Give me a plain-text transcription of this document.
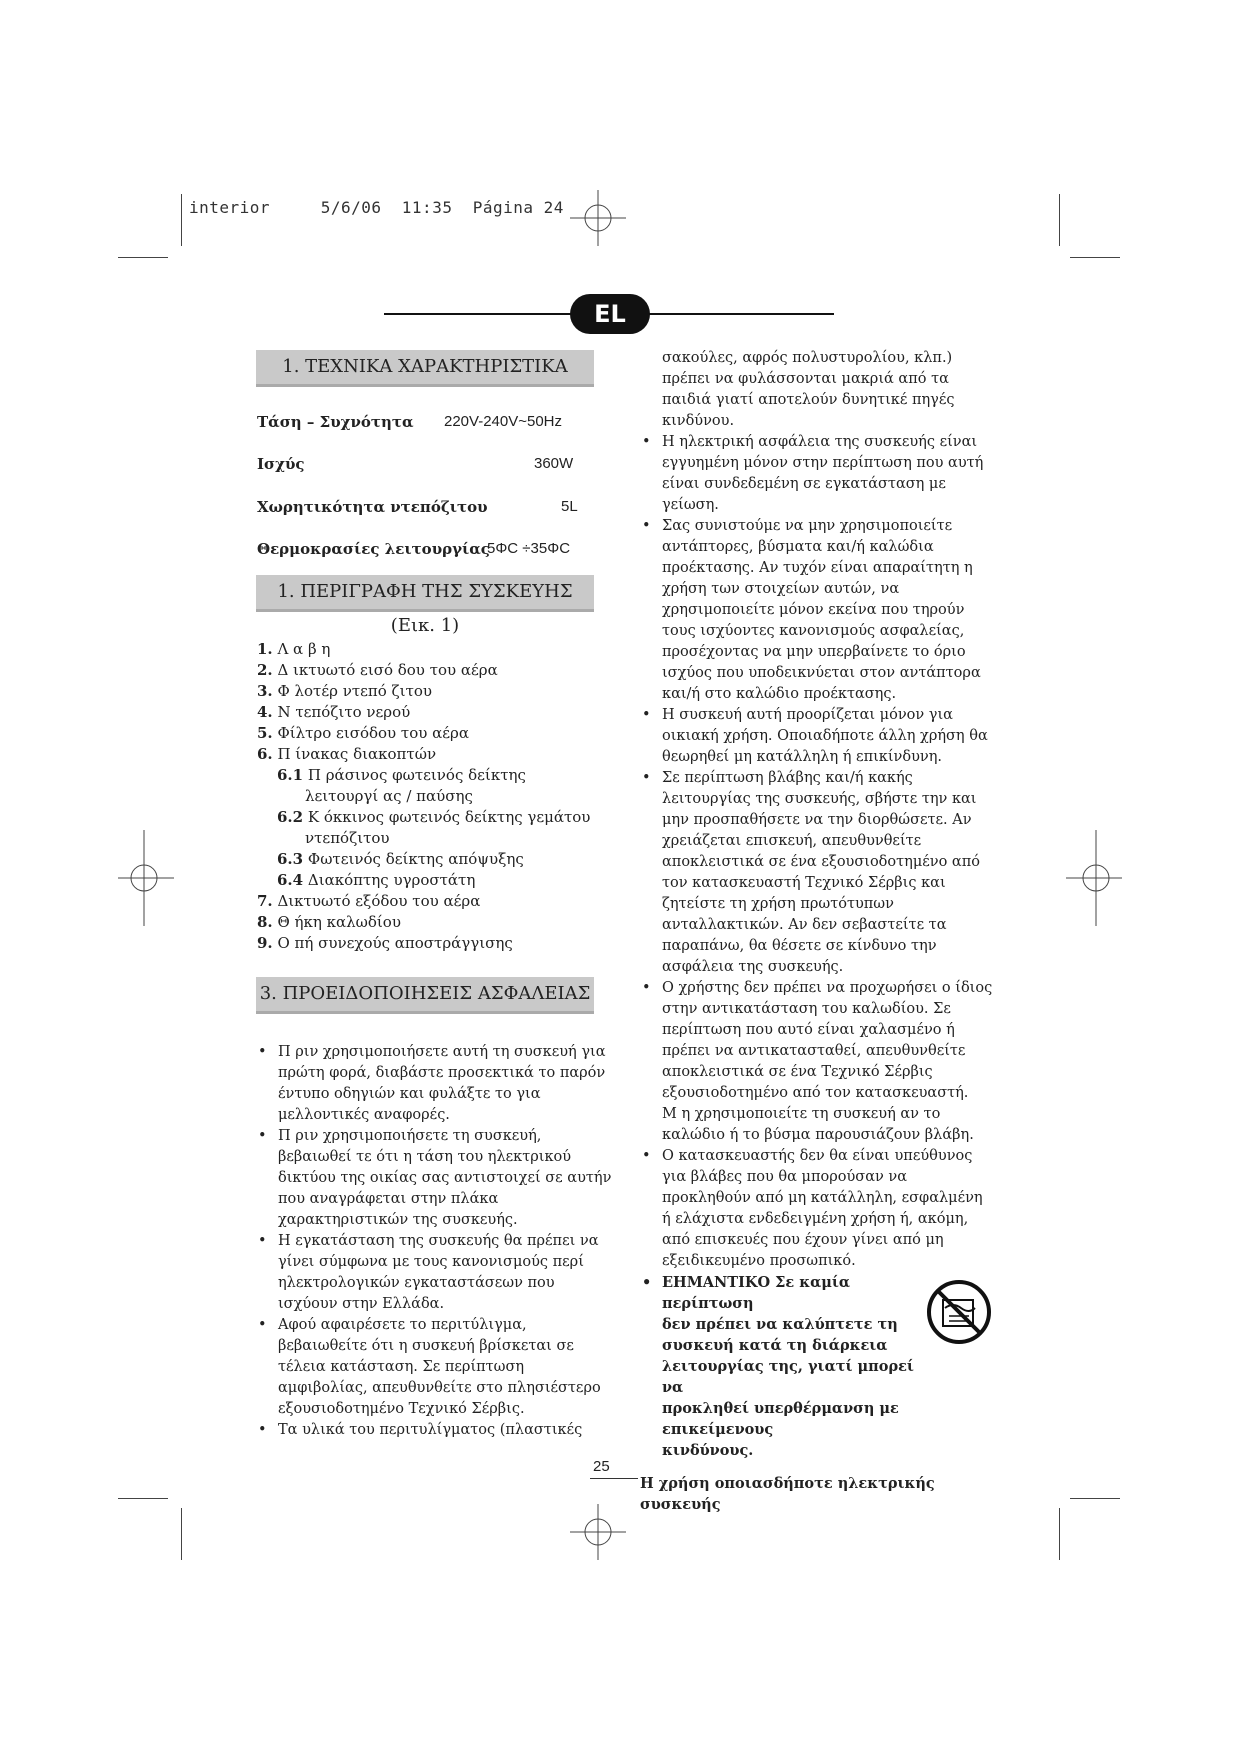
interior     5/6/06  11:35  Página 24
EL
1. ΤΕΧΝΙΚΑ ΧΑΡΑΚΤΗΡΙΣΤΙΚΑ
Τάση – Συχνότητα 220V-240V~50Hz
Ισχύς	360W
Χωρητικότητα ντεπόζιτου	5L
Θερμοκρασίες λειτουργίας
5ΦC ÷35ΦC
1. ΠΕΡΙΓΡΑΦΗ ΤΗΣ ΣΥΣΚΕΥΗΣ (Εικ. 1)
1. Λ α β η
2. Δ ικτυωτό εισό δου του αέρα
3. Φ λοτέρ ντεπό ζιτου
4. Ν τεπόζιτο νερού
5. Φίλτρο εισόδου του αέρα
6. Π ίνακας διακοπτών
6.1 Π ράσινος φωτεινός δείκτης
λειτουργί ας / παύσης
6.2 Κ όκκινος φωτεινός δείκτης γεμάτου
ντεπόζιτου
6.3 Φωτεινός δείκτης απόψυξης
6.4 Διακόπτης υγροστάτη
7. Δικτυωτό εξόδου του αέρα
8. Θ ήκη καλωδίου
9. Ο πή συνεχούς αποστράγγισης
3. ΠΡΟΕΙΔΟΠΟΙΗΣΕΙΣ ΑΣΦΑΛΕΙΑΣ
• Π ριν χρησιμοποιήσετε αυτή τη συσκευή για
πρώτη φορά, διαβάστε προσεκτικά το παρόν
έντυπο οδηγιών και φυλάξτε το για
μελλοντικές αναφορές.
• Π ριν χρησιμοποιήσετε τη συσκευή,
βεβαιωθεί τε ότι η τάση του ηλεκτρικού
δικτύου της οικίας σας αντιστοιχεί σε αυτήν
που αναγράφεται στην πλάκα
χαρακτηριστικών της συσκευής.
• Η εγκατάσταση της συσκευής θα πρέπει να
γίνει σύμφωνα με τους κανονισμούς περί
ηλεκτρολογικών εγκαταστάσεων που
ισχύουν στην Ελλάδα.
• Αφού αφαιρέσετε το περιτύλιγμα,
βεβαιωθείτε ότι η συσκευή βρίσκεται σε
τέλεια κατάσταση. Σε περίπτωση
αμφιβολίας, απευθυνθείτε στο πλησιέστερο
εξουσιοδοτημένο Τεχνικό Σέρβις.
• Τα υλικά του περιτυλίγματος (πλαστικές
σακούλες, αφρός πολυστυρολίου, κλπ.)
πρέπει να φυλάσσονται μακριά από τα
παιδιά γιατί αποτελούν δυνητικέ πηγές
κινδύνου.
• Η ηλεκτρική ασφάλεια της συσκευής είναι
εγγυημένη μόνον στην περίπτωση που αυτή
είναι συνδεδεμένη σε εγκατάσταση με
γείωση.
• Σας συνιστούμε να μην χρησιμοποιείτε
αντάπτορες, βύσματα και/ή καλώδια
προέκτασης. Αν τυχόν είναι απαραίτητη η
χρήση των στοιχείων αυτών, να
χρησιμοποιείτε μόνον εκείνα που τηρούν
τους ισχύοντες κανονισμούς ασφαλείας,
προσέχοντας να μην υπερβαίνετε το όριο
ισχύος που υποδεικνύεται στον αντάπτορα
και/ή στο καλώδιο προέκτασης.
• Η συσκευή αυτή προορίζεται μόνον για
οικιακή χρήση. Οποιαδήποτε άλλη χρήση θα
θεωρηθεί μη κατάλληλη ή επικίνδυνη.
• Σε περίπτωση βλάβης και/ή κακής
λειτουργίας της συσκευής, σβήστε την και
μην προσπαθήσετε να την διορθώσετε. Αν
χρειάζεται επισκευή, απευθυνθείτε
αποκλειστικά σε ένα εξουσιοδοτημένο από
τον κατασκευαστή Τεχνικό Σέρβις και
ζητείστε τη χρήση πρωτότυπων
ανταλλακτικών. Αν δεν σεβαστείτε τα
παραπάνω, θα θέσετε σε κίνδυνο την
ασφάλεια της συσκευής.
• Ο χρήστης δεν πρέπει να προχωρήσει ο ίδιος
στην αντικατάσταση του καλωδίου. Σε
περίπτωση που αυτό είναι χαλασμένο ή
πρέπει να αντικατασταθεί, απευθυνθείτε
αποκλειστικά σε ένα Τεχνικό Σέρβις
εξουσιοδοτημένο από τον κατασκευαστή.
Μ η χρησιμοποιείτε τη συσκευή αν το
καλώδιο ή το βύσμα παρουσιάζουν βλάβη.
• Ο κατασκευαστής δεν θα είναι υπεύθυνος
για βλάβες που θα μπορούσαν να
προκληθούν από μη κατάλληλη, εσφαλμένη
ή ελάχιστα ενδεδειγμένη χρήση ή, ακόμη,
από επισκευές που έχουν γίνει από μη
εξειδικευμένο προσωπικό.
• ΕΗΜΑΝΤΙΚΟ Σε καμία περίπτωση
δεν πρέπει να καλύπτετε τη
συσκευή κατά τη διάρκεια
λειτουργίας της, γιατί μπορεί να
προκληθεί υπερθέρμανση με επικείμενους
κινδύνους.
Η χρήση οποιασδήποτε ηλεκτρικής συσκευής
25
